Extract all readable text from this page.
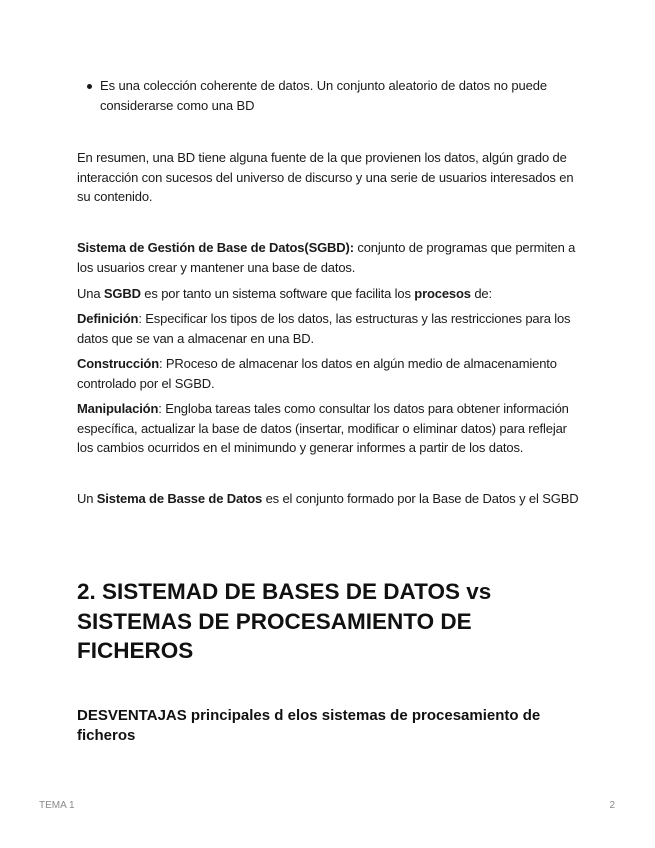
Es una colección coherente de datos. Un conjunto aleatorio de datos no puede considerarse como una BD

En resumen, una BD tiene alguna fuente de la que provienen los datos, algún grado de interacción con sucesos del universo de discurso y una serie de usuarios interesados en su contenido.

Sistema de Gestión de Base de Datos(SGBD): conjunto de programas que permiten a los usuarios crear y mantener una base de datos.

Una SGBD es por tanto un sistema software que facilita los procesos de:

Definición: Especificar los tipos de los datos, las estructuras y las restricciones para los datos que se van a almacenar en una BD.

Construcción: PRoceso de almacenar los datos en algún medio de almacenamiento controlado por el SGBD.

Manipulación: Engloba tareas tales como consultar los datos para obtener información específica, actualizar la base de datos (insertar, modificar o eliminar datos) para reflejar los cambios ocurridos en el minimundo y generar informes a partir de los datos.

Un Sistema de Basse de Datos es el conjunto formado por la Base de Datos y el SGBD

2. SISTEMAD DE BASES DE DATOS vs SISTEMAS DE PROCESAMIENTO DE FICHEROS
DESVENTAJAS principales d elos sistemas de procesamiento de ficheros
TEMA 1	2
